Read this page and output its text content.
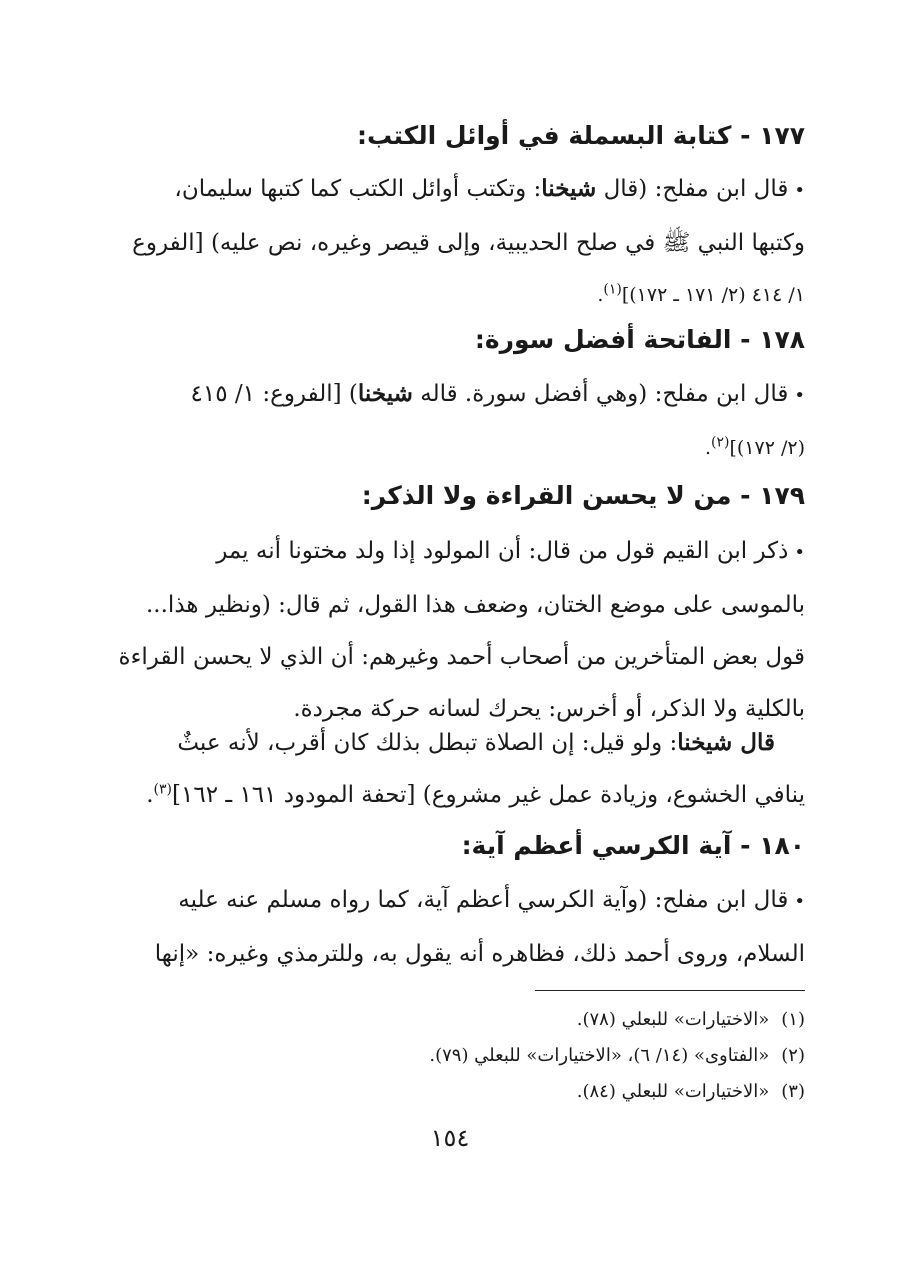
١٧٧ - كتابة البسملة في أوائل الكتب:
•قال ابن مفلح: (قال شيخنا: وتكتب أوائل الكتب كما كتبها سليمان،
وكتبها النبي ﷺ في صلح الحديبية، وإلى قيصر وغيره، نص عليه) [الفروع
١/ ٤١٤ (٢/ ١٧١ ـ ١٧٢)]$^{(١)}$.
١٧٨ - الفاتحة أفضل سورة:
•قال ابن مفلح: (وهي أفضل سورة. قاله شيخنا) [الفروع: ١/ ٤١٥
(٢/ ١٧٢)]$^{(٢)}$.
١٧٩ - من لا يحسن القراءة ولا الذكر:
•ذكر ابن القيم قول من قال: أن المولود إذا ولد مختونا أنه يمر
بالموسى على موضع الختان، وضعف هذا القول، ثم قال: (ونظير هذا...
قول بعض المتأخرين من أصحاب أحمد وغيرهم: أن الذي لا يحسن القراءة
بالكلية ولا الذكر، أو أخرس: يحرك لسانه حركة مجردة.
قال شيخنا: ولو قيل: إن الصلاة تبطل بذلك كان أقرب، لأنه عبثٌ
ينافي الخشوع، وزيادة عمل غير مشروع) [تحفة المودود ١٦١ ـ ١٦٢]$^{(٣)}$.
١٨٠ - آية الكرسي أعظم آية:
•قال ابن مفلح: (وآية الكرسي أعظم آية، كما رواه مسلم عنه عليه
السلام، وروى أحمد ذلك، فظاهره أنه يقول به، وللترمذي وغيره: «إنها

(١)«الاختيارات» للبعلي (٧٨).

(٢)«الفتاوى» (١٤/ ٦)، «الاختيارات» للبعلي (٧٩).

(٣)«الاختيارات» للبعلي (٨٤).

١٥٤
